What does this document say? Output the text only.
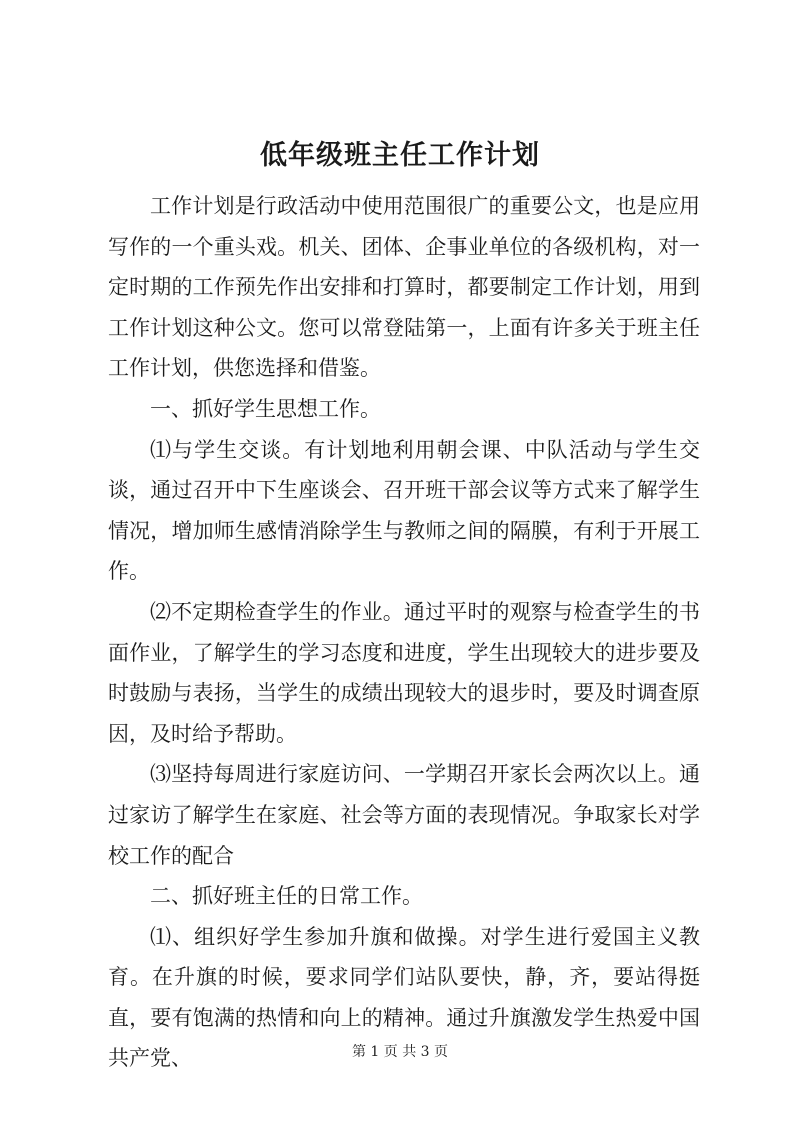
低年级班主任工作计划

工作计划是行政活动中使用范围很广的重要公文，也是应用写作的一个重头戏。机关、团体、企事业单位的各级机构，对一定时期的工作预先作出安排和打算时，都要制定工作计划，用到工作计划这种公文。您可以常登陆第一，上面有许多关于班主任工作计划，供您选择和借鉴。

一、抓好学生思想工作。

⑴与学生交谈。有计划地利用朝会课、中队活动与学生交谈，通过召开中下生座谈会、召开班干部会议等方式来了解学生情况，增加师生感情消除学生与教师之间的隔膜，有利于开展工作。

⑵不定期检查学生的作业。通过平时的观察与检查学生的书面作业，了解学生的学习态度和进度，学生出现较大的进步要及时鼓励与表扬，当学生的成绩出现较大的退步时，要及时调查原因，及时给予帮助。

⑶坚持每周进行家庭访问、一学期召开家长会两次以上。通过家访了解学生在家庭、社会等方面的表现情况。争取家长对学校工作的配合

二、抓好班主任的日常工作。

⑴、组织好学生参加升旗和做操。对学生进行爱国主义教育。在升旗的时候，要求同学们站队要快，静，齐，要站得挺直，要有饱满的热情和向上的精神。通过升旗激发学生热爱中国共产党、	第 1 页 共 3 页
